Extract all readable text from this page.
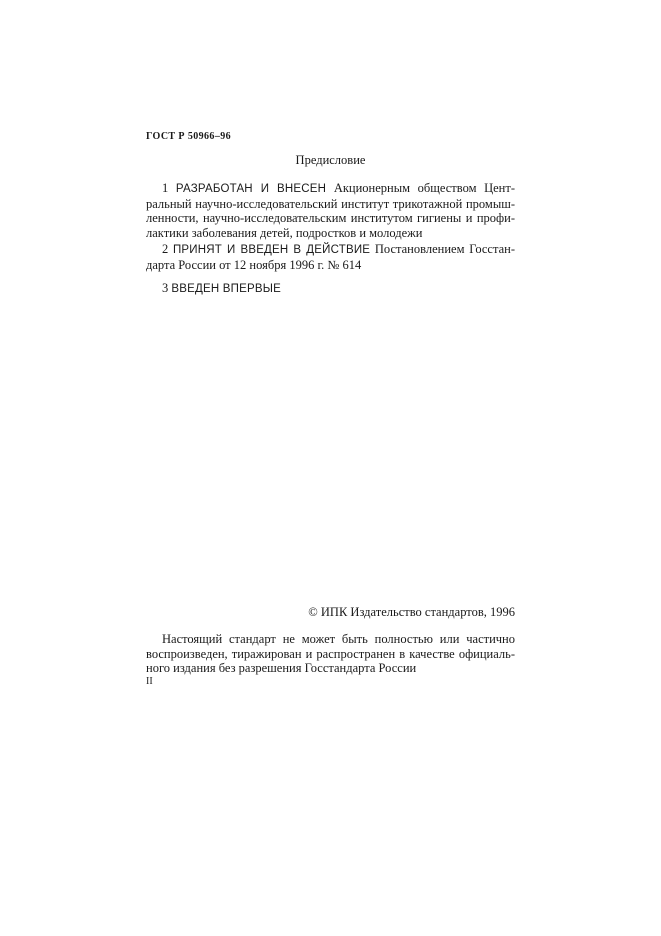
ГОСТ Р 50966–96
Предисловие
1 РАЗРАБОТАН И ВНЕСЕН Акционерным обществом Цент-
ральный научно-исследовательский институт трикотажной промыш-
ленности, научно-исследовательским институтом гигиены и профи-
лактики заболевания детей, подростков и молодежи
2 ПРИНЯТ И ВВЕДЕН В ДЕЙСТВИЕ Постановлением Госстан-
дарта России от 12 ноября 1996 г. № 614
3 ВВЕДЕН ВПЕРВЫЕ
© ИПК Издательство стандартов, 1996
Настоящий стандарт не может быть полностью или частично
воспроизведен, тиражирован и распространен в качестве официаль-
ного издания без разрешения Госстандарта России
II
